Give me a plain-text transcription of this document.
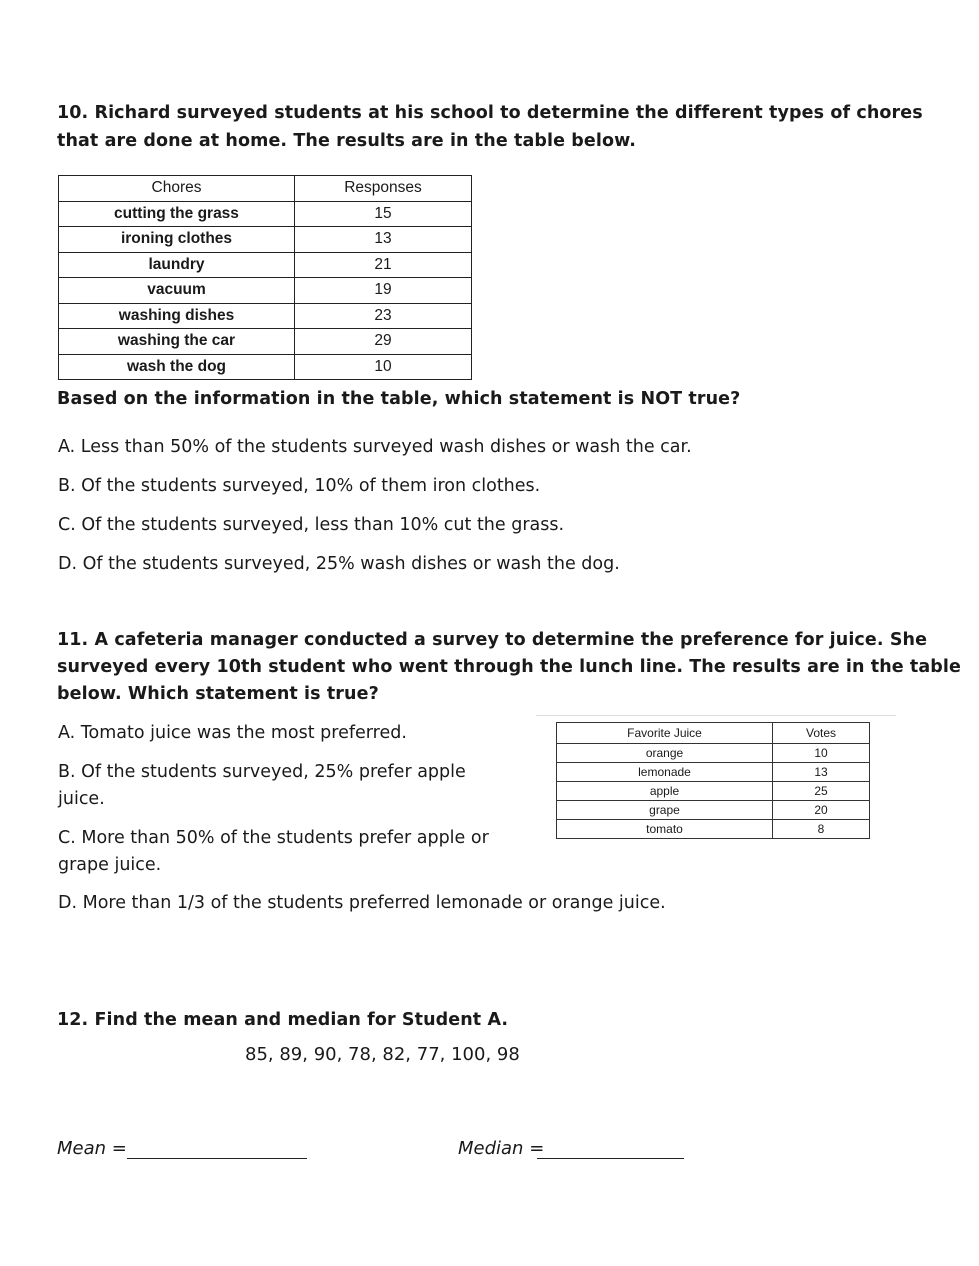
10. Richard surveyed students at his school to determine the different types of chores
that are done at home. The results are in the table below.
Chores	Responses
cutting the grass	15
ironing clothes	13
laundry	21
vacuum	19
washing dishes	23
washing the car	29
wash the dog	10
Based on the information in the table, which statement is NOT true?
A. Less than 50% of the students surveyed wash dishes or wash the car.
B. Of the students surveyed, 10% of them iron clothes.
C. Of the students surveyed, less than 10% cut the grass.
D. Of the students surveyed, 25% wash dishes or wash the dog.
11. A cafeteria manager conducted a survey to determine the preference for juice. She
surveyed every 10th student who went through the lunch line. The results are in the table
below. Which statement is true?
A. Tomato juice was the most preferred.
B. Of the students surveyed, 25% prefer apple
juice.
C. More than 50% of the students prefer apple or
grape juice.
D. More than 1/3 of the students preferred lemonade or orange juice.
Favorite Juice	Votes
orange	10
lemonade	13
apple	25
grape	20
tomato	8
12. Find the mean and median for Student A.
85, 89, 90, 78, 82, 77, 100, 98
Mean =	Median =
